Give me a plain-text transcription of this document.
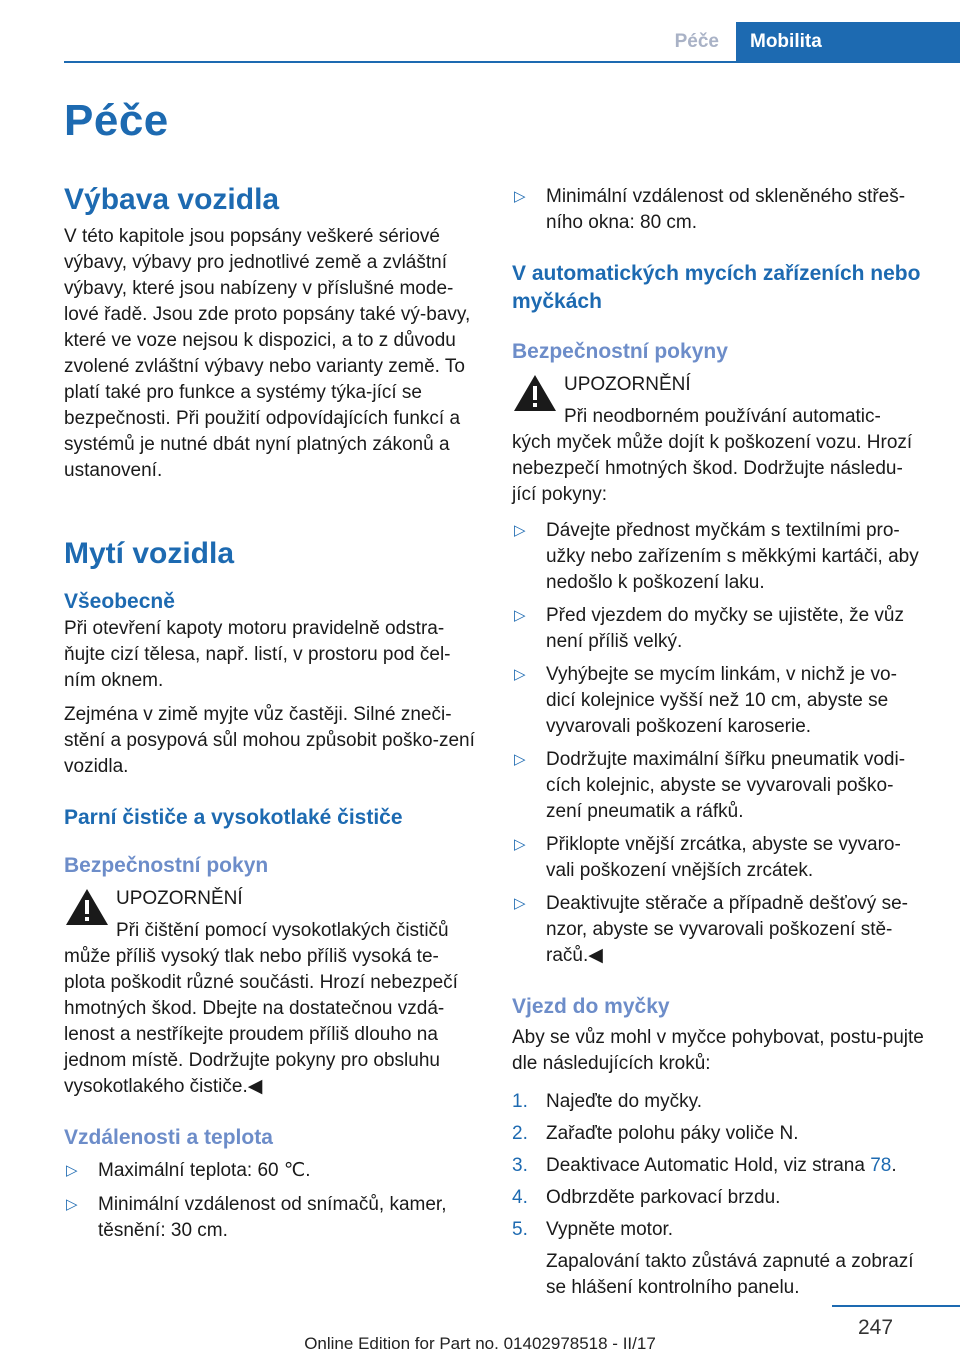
Péče	Mobilita
Péče
Výbava vozidla

V této kapitole jsou popsány veškeré sériové výbavy, výbavy pro jednotlivé země a zvláštní výbavy, které jsou nabízeny v příslušné mode‐lové řadě. Jsou zde proto popsány také vý‐bavy, které ve voze nejsou k dispozici, a to z důvodu zvolené zvláštní výbavy nebo varianty země. To platí také pro funkce a systémy týka‐jící se bezpečnosti. Při použití odpovídajících funkcí a systémů je nutné dbát nyní platných zákonů a ustanovení.

Mytí vozidla
Všeobecně

Při otevření kapoty motoru pravidelně odstra‐ňujte cizí tělesa, např. listí, v prostoru pod čel‐ním oknem.

Zejména v zimě myjte vůz častěji. Silné zneči‐stění a posypová sůl mohou způsobit poško‐zení vozidla.

Parní čističe a vysokotlaké čističe
Bezpečnostní pokyn
UPOZORNĚNÍ
Při čištění pomocí vysokotlakých čističů
může příliš vysoký tlak nebo příliš vysoká te‐plota poškodit různé součásti. Hrozí nebezpečí hmotných škod. Dbejte na dostatečnou vzdá‐lenost a nestříkejte proudem příliš dlouho na jednom místě. Dodržujte pokyny pro obsluhu vysokotlakého čističe.◀
Vzdálenosti a teplota
▷ Maximální teplota: 60 ℃.
▷ Minimální vzdálenost od snímačů, kamer, těsnění: 30 cm.
▷ Minimální vzdálenost od skleněného střeš‐ního okna: 80 cm.
V automatických mycích zařízeních nebo myčkách
Bezpečnostní pokyny
UPOZORNĚNÍ
Při neodborném používání automatic‐
kých myček může dojít k poškození vozu. Hrozí nebezpečí hmotných škod. Dodržujte následu‐jící pokyny:
▷ Dávejte přednost myčkám s textilními pro‐užky nebo zařízením s měkkými kartáči, aby nedošlo k poškození laku.
▷ Před vjezdem do myčky se ujistěte, že vůz není příliš velký.
▷ Vyhýbejte se mycím linkám, v nichž je vo‐dicí kolejnice vyšší než 10 cm, abyste se vyvarovali poškození karoserie.
▷ Dodržujte maximální šířku pneumatik vodi‐cích kolejnic, abyste se vyvarovali poško‐zení pneumatik a ráfků.
▷ Přiklopte vnější zrcátka, abyste se vyvaro‐vali poškození vnějších zrcátek.
▷ Deaktivujte stěrače a případně dešťový se‐nzor, abyste se vyvarovali poškození stě‐račů.◀
Vjezd do myčky

Aby se vůz mohl v myčce pohybovat, postu‐pujte dle následujících kroků:

1. Najeďte do myčky.
2. Zařaďte polohu páky voliče N.
3. Deaktivace Automatic Hold, viz strana 78.
4. Odbrzděte parkovací brzdu.
5. Vypněte motor.

Zapalování takto zůstává zapnuté a zobrazí se hlášení kontrolního panelu.

247
Online Edition for Part no. 01402978518 - II/17
